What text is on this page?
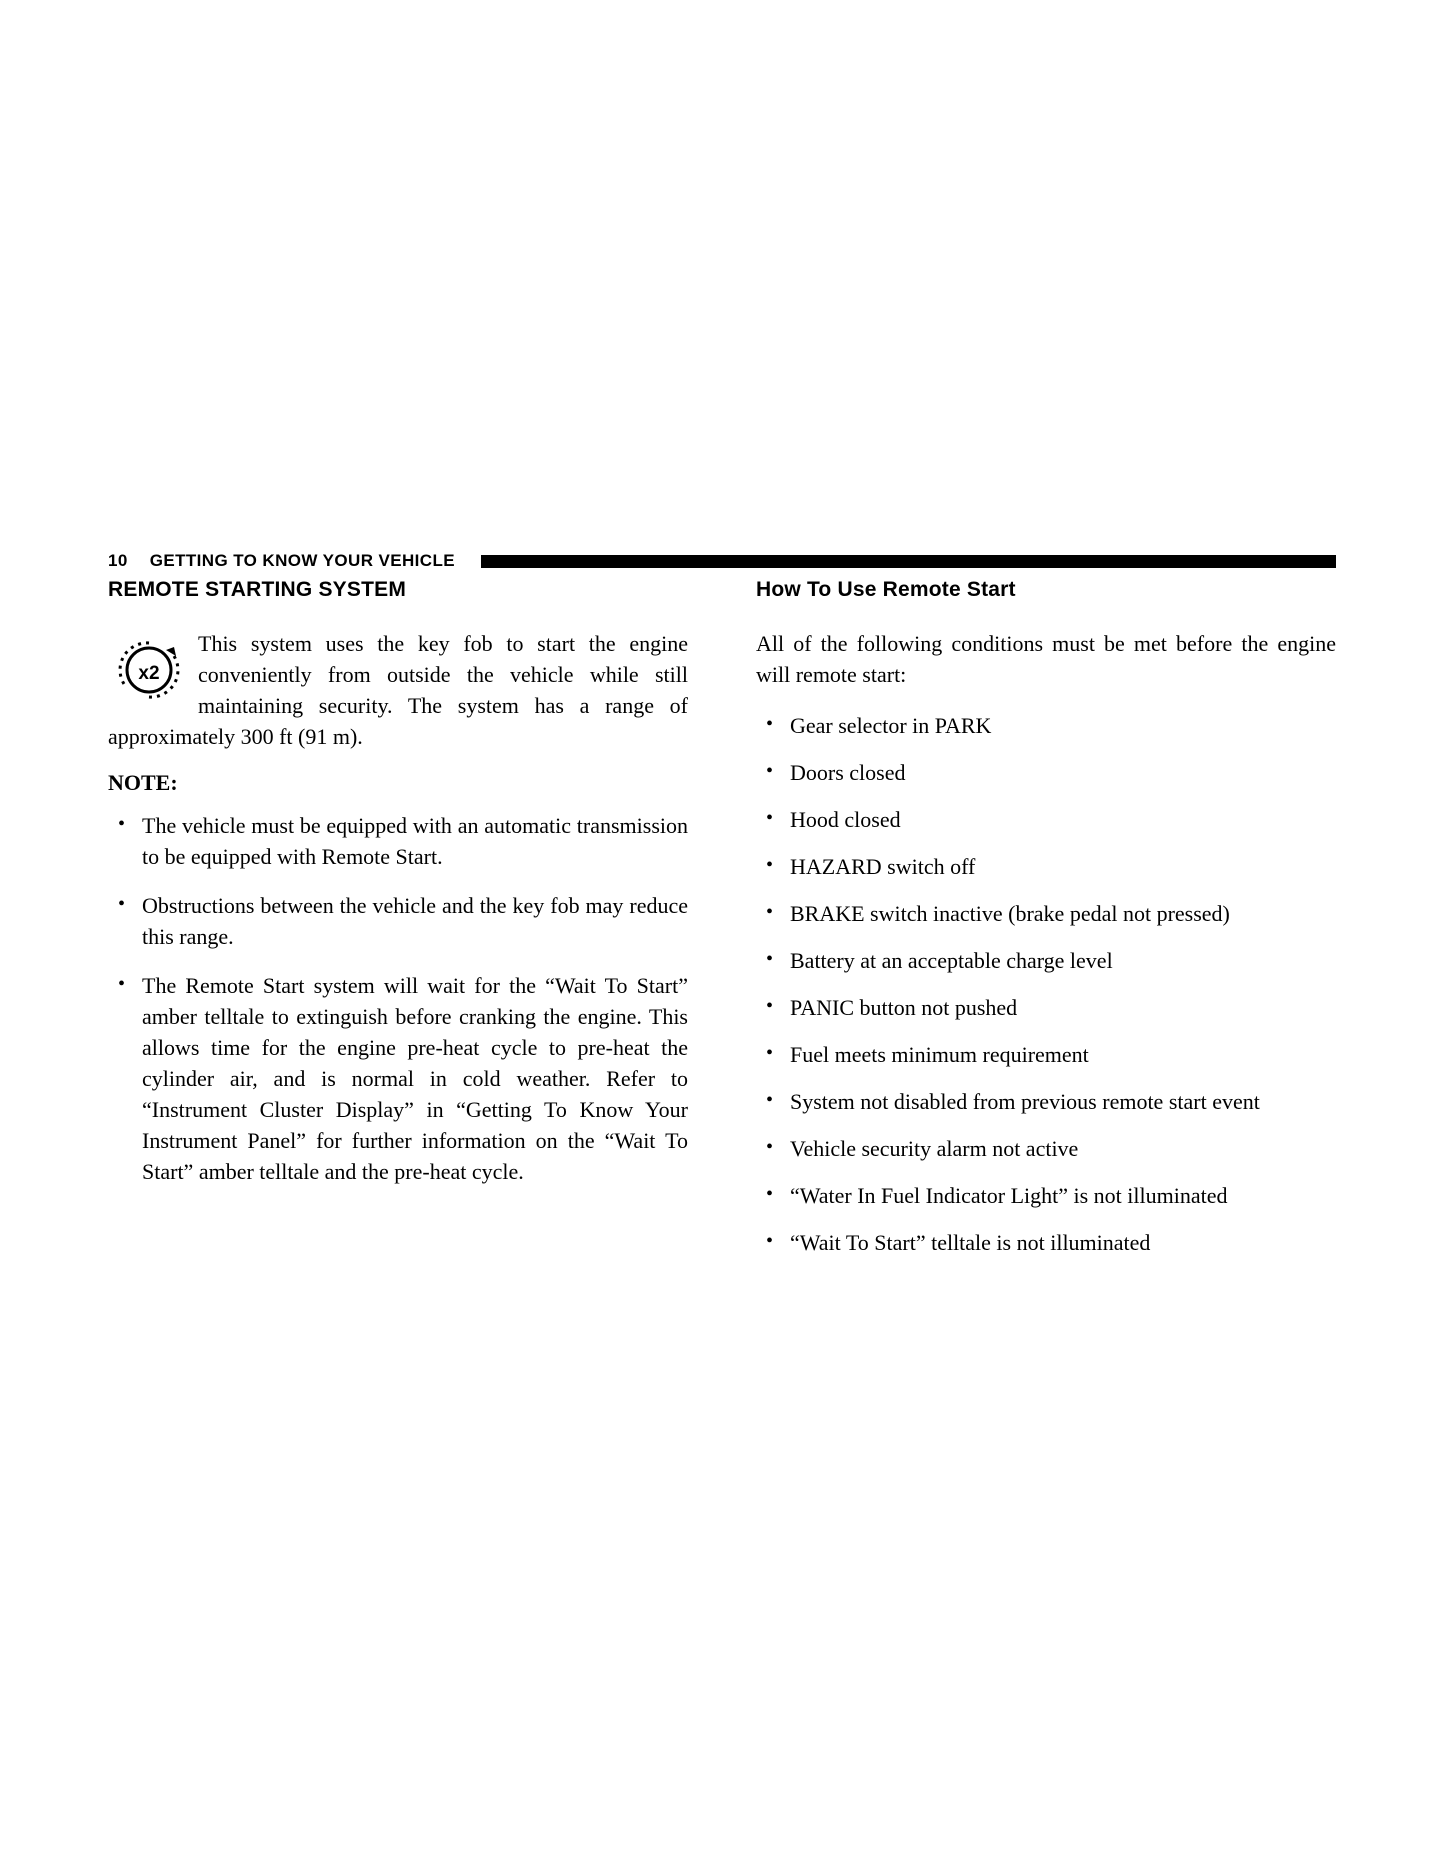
10 GETTING TO KNOW YOUR VEHICLE
REMOTE STARTING SYSTEM
x2

This system uses the key fob to start the engine conveniently from outside the vehicle while still maintaining security. The system has a range of approximately 300 ft (91 m).

NOTE:
• The vehicle must be equipped with an automatic transmission to be equipped with Remote Start.
• Obstructions between the vehicle and the key fob may reduce this range.
• The Remote Start system will wait for the “Wait To Start” amber telltale to extinguish before cranking the engine. This allows time for the engine pre-heat cycle to pre-heat the cylinder air, and is normal in cold weather. Refer to “Instrument Cluster Display” in “Getting To Know Your Instrument Panel” for further information on the “Wait To Start” amber telltale and the pre-heat cycle.
How To Use Remote Start

All of the following conditions must be met before the engine will remote start:

• Gear selector in PARK
• Doors closed
• Hood closed
• HAZARD switch off
• BRAKE switch inactive (brake pedal not pressed)
• Battery at an acceptable charge level
• PANIC button not pushed
• Fuel meets minimum requirement
• System not disabled from previous remote start event
• Vehicle security alarm not active
• “Water In Fuel Indicator Light” is not illuminated
• “Wait To Start” telltale is not illuminated
